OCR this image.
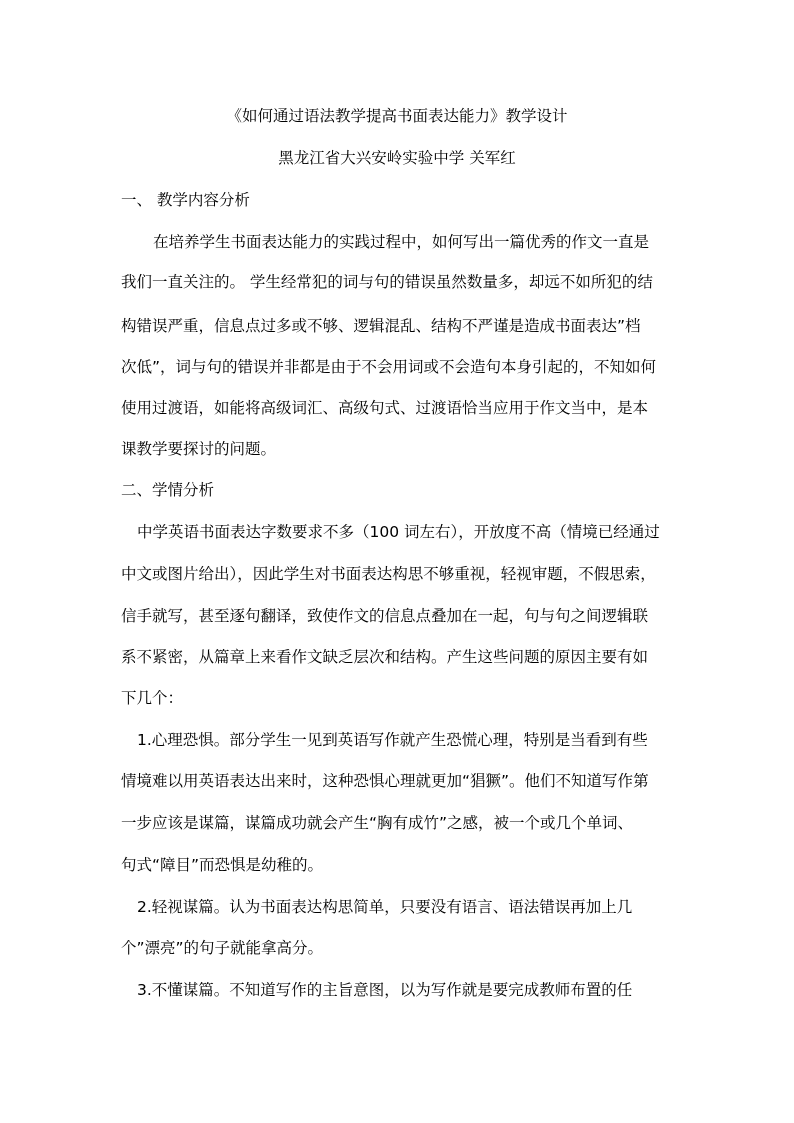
《如何通过语法教学提高书面表达能力》教学设计
黑龙江省大兴安岭实验中学 关军红
一、 教学内容分析
在培养学生书面表达能力的实践过程中，如何写出一篇优秀的作文一直是
我们一直关注的。 学生经常犯的词与句的错误虽然数量多，却远不如所犯的结
构错误严重，信息点过多或不够、逻辑混乱、结构不严谨是造成书面表达”档
次低”，词与句的错误并非都是由于不会用词或不会造句本身引起的，不知如何
使用过渡语，如能将高级词汇、高级句式、过渡语恰当应用于作文当中，是本
课教学要探讨的问题。
二、学情分析
中学英语书面表达字数要求不多（100 词左右），开放度不高（情境已经通过
中文或图片给出），因此学生对书面表达构思不够重视，轻视审题，不假思索，
信手就写，甚至逐句翻译，致使作文的信息点叠加在一起，句与句之间逻辑联
系不紧密，从篇章上来看作文缺乏层次和结构。产生这些问题的原因主要有如
下几个：
1.心理恐惧。部分学生一见到英语写作就产生恐慌心理，特别是当看到有些
情境难以用英语表达出来时，这种恐惧心理就更加“猖獗”。他们不知道写作第
一步应该是谋篇，谋篇成功就会产生“胸有成竹”之感，被一个或几个单词、
句式“障目”而恐惧是幼稚的。
2.轻视谋篇。认为书面表达构思简单，只要没有语言、语法错误再加上几
个”漂亮”的句子就能拿高分。
3.不懂谋篇。不知道写作的主旨意图，以为写作就是要完成教师布置的任
